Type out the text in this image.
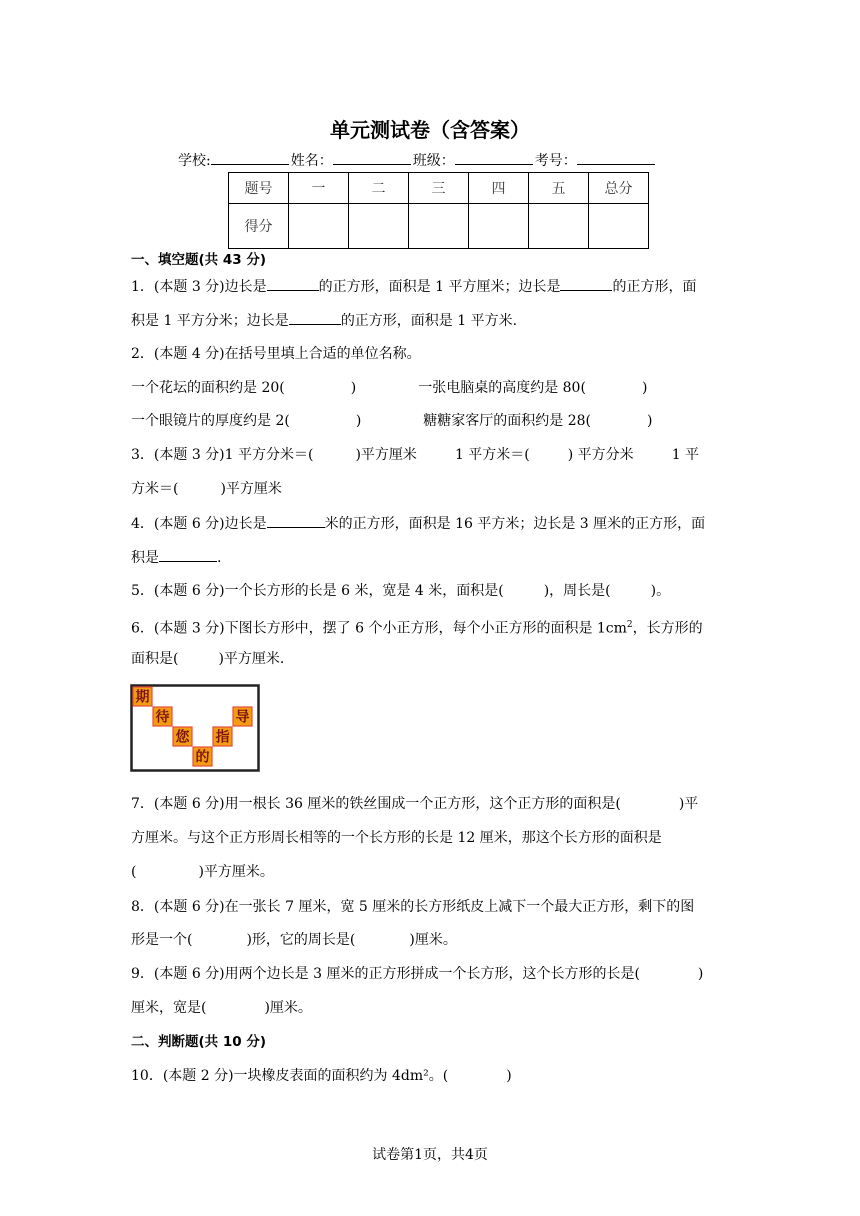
单元测试卷（含答案）
学校:	姓名：	班级：	考号：
题号	一	二	三	四	五	总分
得分						
一、填空题(共 43 分)
1．(本题 3 分)边长是	的正方形，面积是 1 平方厘米；边长是	的正方形，面
积是 1 平方分米；边长是	的正方形，面积是 1 平方米.
2．(本题 4 分)在括号里填上合适的单位名称。
一个花坛的面积约是 20(	)	一张电脑桌的高度约是 80(	)
一个眼镜片的厚度约是 2(	)	糖糖家客厅的面积约是 28(	)
3．(本题 3 分)1 平方分米＝(	)平方厘米	1 平方米＝(	) 平方分米	1 平
方米＝(	)平方厘米
4．(本题 6 分)边长是	米的正方形，面积是 16 平方米；边长是 3 厘米的正方形，面
积是	.
5．(本题 6 分)一个长方形的长是 6 米，宽是 4 米，面积是(	)，周长是(	)。
6．(本题 3 分)下图长方形中，摆了 6 个小正方形，每个小正方形的面积是 $1cm^2$，长方形的
面积是(	)平方厘米.
期
待
您
的
指
导
7．(本题 6 分)用一根长 36 厘米的铁丝围成一个正方形，这个正方形的面积是(	)平
方厘米。与这个正方形周长相等的一个长方形的长是 12 厘米，那这个长方形的面积是
(	)平方厘米。
8．(本题 6 分)在一张长 7 厘米，宽 5 厘米的长方形纸皮上减下一个最大正方形，剩下的图
形是一个(	)形，它的周长是(	)厘米。
9．(本题 6 分)用两个边长是 3 厘米的正方形拼成一个长方形，这个长方形的长是(	)
厘米，宽是(	)厘米。
二、判断题(共 10 分)
10．(本题 2 分)一块橡皮表面的面积约为 4dm²。(	)
试卷第1页，共4页
